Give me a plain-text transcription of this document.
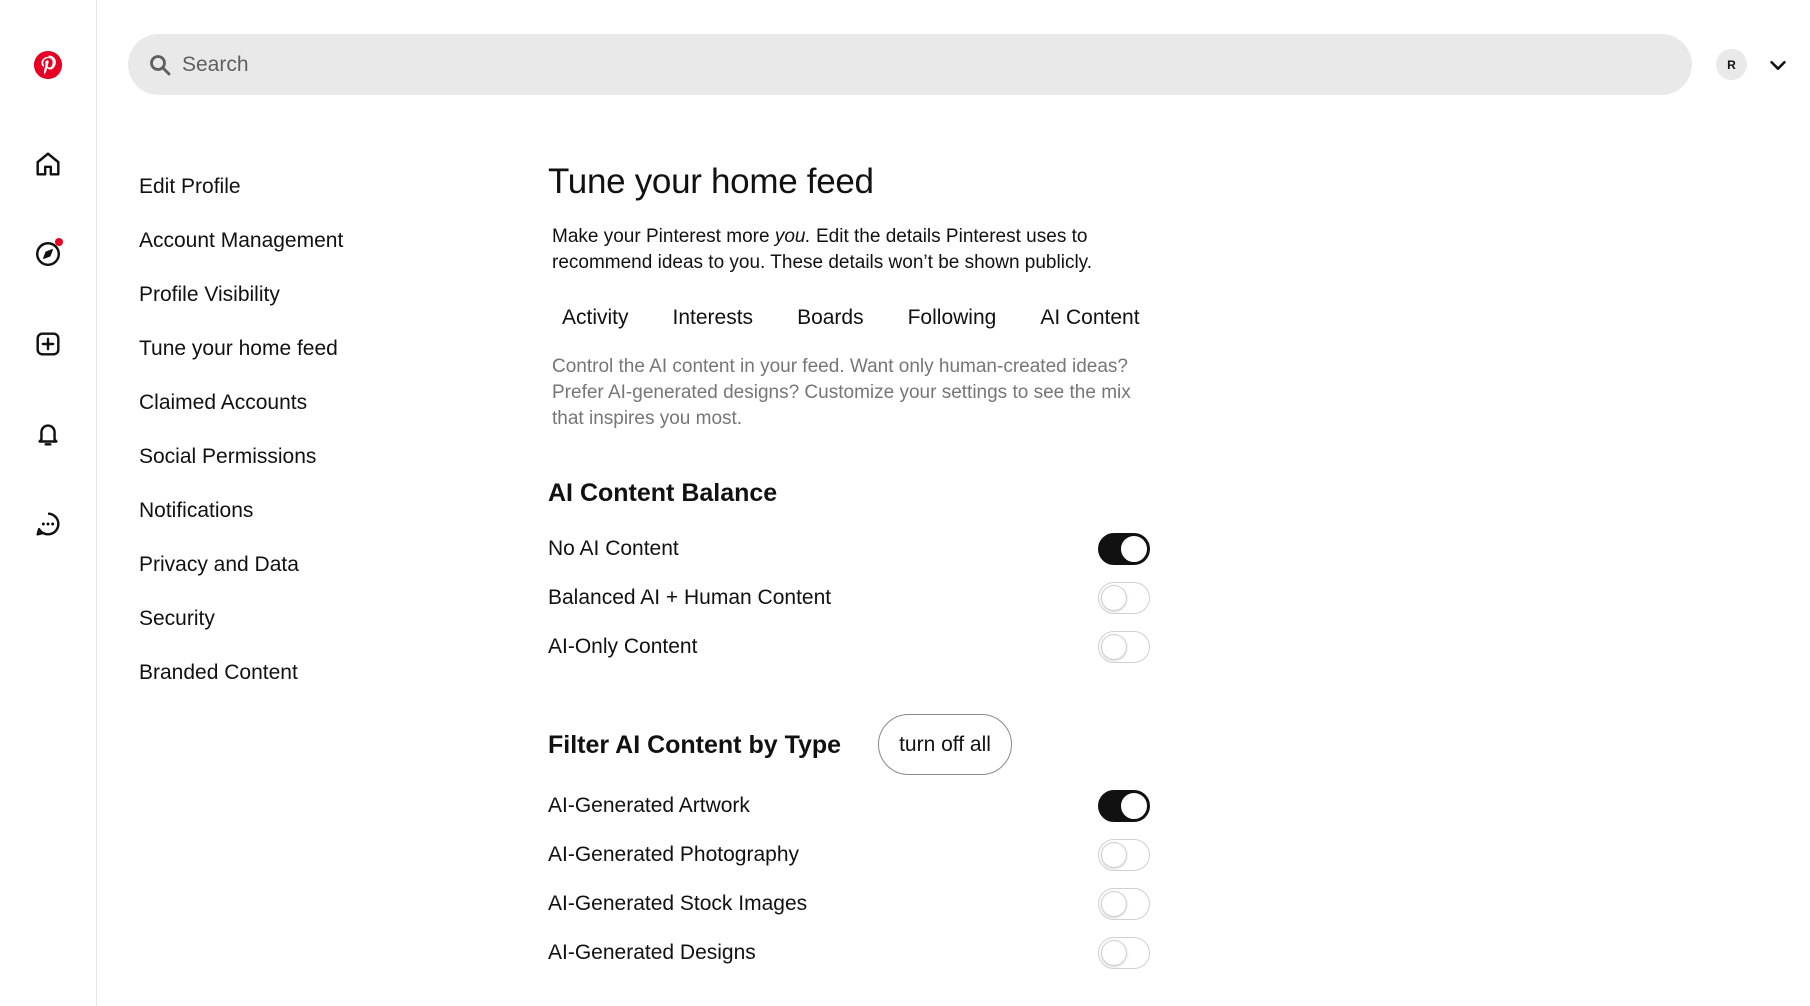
Search
R
Edit Profile
Account Management
Profile Visibility
Tune your home feed
Claimed Accounts
Social Permissions
Notifications
Privacy and Data
Security
Branded Content
Tune your home feed

Make your Pinterest more you. Edit the details Pinterest uses to recommend ideas to you. These details won’t be shown publicly.

Activity Interests Boards Following AI Content

Control the AI content in your feed. Want only human-created ideas? Prefer AI-generated designs? Customize your settings to see the mix that inspires you most.

AI Content Balance
No AI Content
Balanced AI + Human Content
AI-Only Content
Filter AI Content by Type	turn off all
AI-Generated Artwork
AI-Generated Photography
AI-Generated Stock Images
AI-Generated Designs
